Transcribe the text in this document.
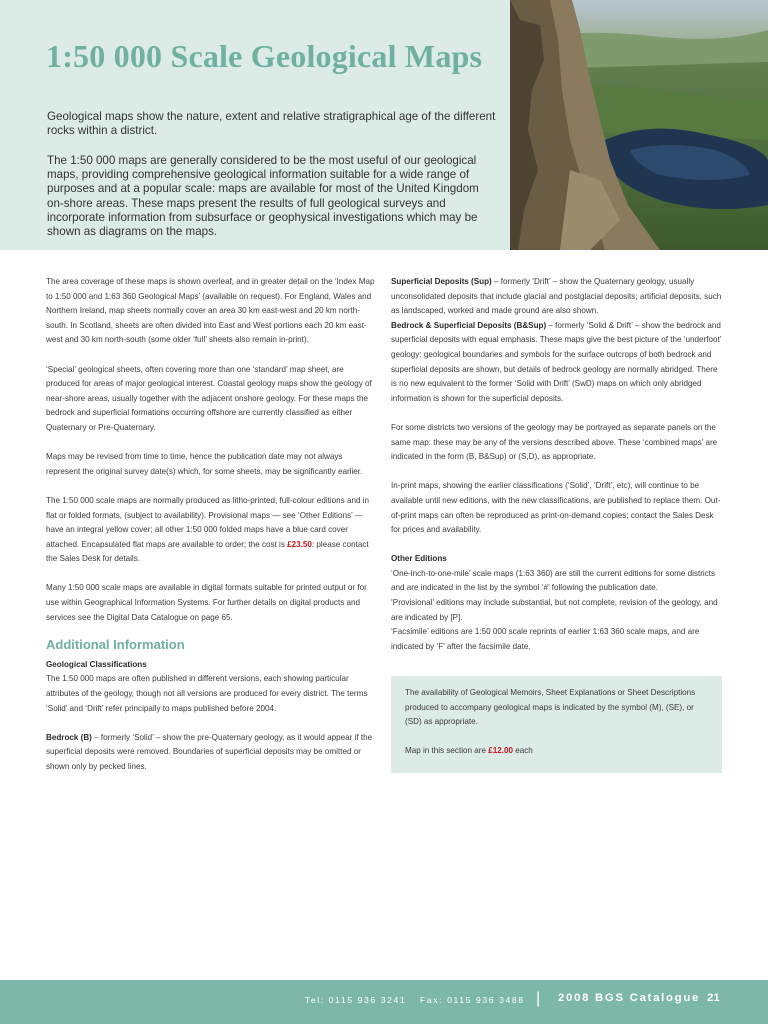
1:50 000 Scale Geological Maps

Geological maps show the nature, extent and relative stratigraphical age of the different rocks within a district.

The 1:50 000 maps are generally considered to be the most useful of our geological maps, providing comprehensive geological information suitable for a wide range of purposes and at a popular scale: maps are available for most of the United Kingdom on-shore areas. These maps present the results of full geological surveys and incorporate information from subsurface or geophysical investigations which may be shown as diagrams on the maps.

The area coverage of these maps is shown overleaf, and in greater detail on the ‘Index Map to 1:50 000 and 1:63 360 Geological Maps’ (available on request). For England, Wales and Northern Ireland, map sheets normally cover an area 30 km east-west and 20 km north-south. In Scotland, sheets are often divided into East and West portions each 20 km east-west and 30 km north-south (some older ‘full’ sheets also remain in-print).

‘Special’ geological sheets, often covering more than one ‘standard’ map sheet, are produced for areas of major geological interest. Coastal geology maps show the geology of near-shore areas, usually together with the adjacent onshore geology. For these maps the bedrock and superficial formations occurring offshore are currently classified as either Quaternary or Pre-Quaternary.

Maps may be revised from time to time, hence the publication date may not always represent the original survey date(s) which, for some sheets, may be significantly earlier.

The 1:50 000 scale maps are normally produced as litho-printed, full-colour editions and in flat or folded formats, (subject to availability). Provisional maps — see ‘Other Editions’ — have an integral yellow cover; all other 1:50 000 folded maps have a blue card cover attached. Encapsulated flat maps are available to order; the cost is £23.50: please contact the Sales Desk for details.

Many 1:50 000 scale maps are available in digital formats suitable for printed output or for use within Geographical Information Systems. For further details on digital products and services see the Digital Data Catalogue on page 65.

Additional Information
Geological Classifications

The 1:50 000 maps are often published in different versions, each showing particular attributes of the geology, though not all versions are produced for every district. The terms ‘Solid’ and ‘Drift’ refer principally to maps published before 2004.

Bedrock (B) – formerly ‘Solid’ – show the pre-Quaternary geology, as it would appear if the superficial deposits were removed. Boundaries of superficial deposits may be omitted or shown only by pecked lines.

Superficial Deposits (Sup) – formerly ‘Drift’ – show the Quaternary geology, usually unconsolidated deposits that include glacial and postglacial deposits; artificial deposits, such as landscaped, worked and made ground are also shown.

Bedrock & Superficial Deposits (B&Sup) – formerly ‘Solid & Drift’ – show the bedrock and superficial deposits with equal emphasis. These maps give the best picture of the ‘underfoot’ geology: geological boundaries and symbols for the surface outcrops of both bedrock and superficial deposits are shown, but details of bedrock geology are normally abridged. There is no new equivalent to the former ‘Solid with Drift’ (SwD) maps on which only abridged information is shown for the superficial deposits.

For some districts two versions of the geology may be portrayed as separate panels on the same map: these may be any of the versions described above. These ‘combined maps’ are indicated in the form (B, B&Sup) or (S,D), as appropriate.

In-print maps, showing the earlier classifications (‘Solid’, ‘Drift’, etc), will continue to be available until new editions, with the new classifications, are published to replace them. Out-of-print maps can often be reproduced as print-on-demand copies; contact the Sales Desk for prices and availability.

Other Editions

‘One-inch-to-one-mile’ scale maps (1:63 360) are still the current editions for some districts and are indicated in the list by the symbol ‘#’ following the publication date.

‘Provisional’ editions may include substantial, but not complete, revision of the geology, and are indicated by [P].

‘Facsimile’ editions are 1:50 000 scale reprints of earlier 1:63 360 scale maps, and are indicated by ‘F’ after the facsimile date.

The availability of Geological Memoirs, Sheet Explanations or Sheet Descriptions produced to accompany geological maps is indicated by the symbol (M), (SE), or (SD) as appropriate.

Map in this section are £12.00 each

Tel: 0115 936 3241 Fax: 0115 936 3488 | 2008 BGS Catalogue 21
